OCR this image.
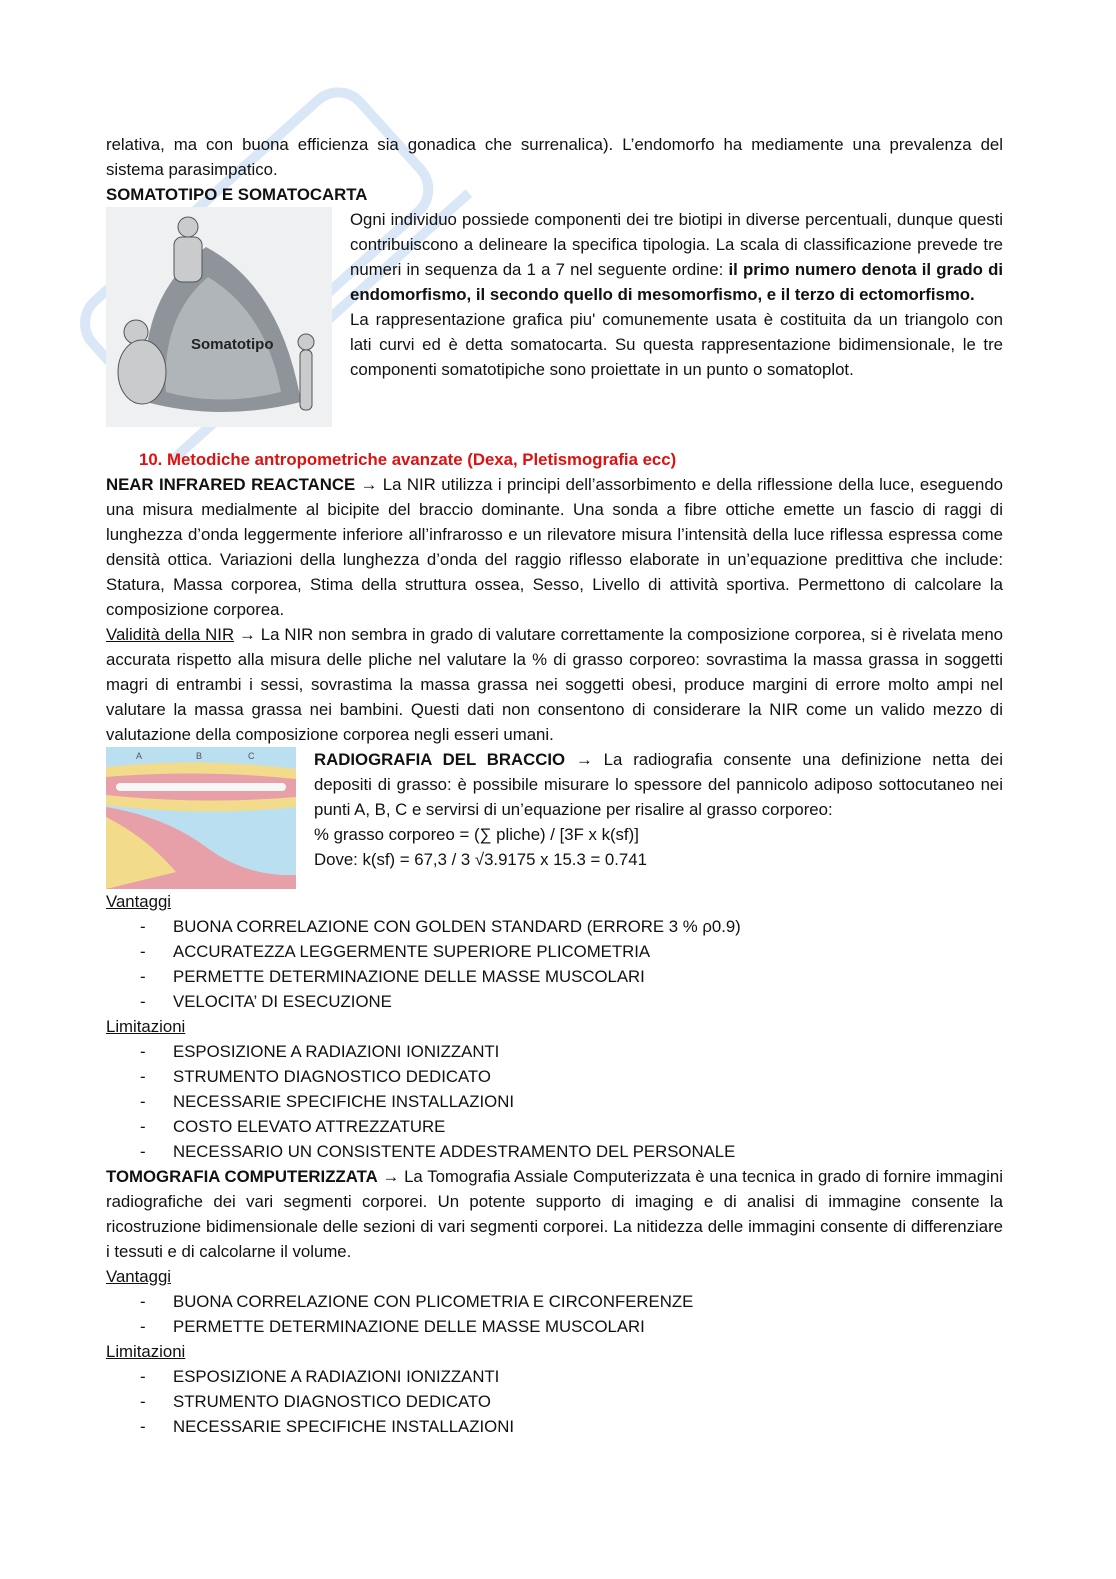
relativa, ma con buona efficienza sia gonadica che surrenalica). L’endomorfo ha mediamente una prevalenza del sistema parasimpatico.

SOMATOTIPO E SOMATOCARTA

Somatotipo

Ogni individuo possiede componenti dei tre biotipi in diverse percentuali, dunque questi contribuiscono a delineare la specifica tipologia. La scala di classificazione prevede tre numeri in sequenza da 1 a 7 nel seguente ordine: il primo numero denota il grado di endomorfismo, il secondo quello di mesomorfismo, e il terzo di ectomorfismo.

La rappresentazione grafica piu' comunemente usata è costituita da un triangolo con lati curvi ed è detta somatocarta. Su questa rappresentazione bidimensionale, le tre componenti somatotipiche sono proiettate in un punto o somatoplot.

10. Metodiche antropometriche avanzate (Dexa, Pletismografia ecc)

NEAR INFRARED REACTANCE → La NIR utilizza i principi dell’assorbimento e della riflessione della luce, eseguendo una misura medialmente al bicipite del braccio dominante. Una sonda a fibre ottiche emette un fascio di raggi di lunghezza d’onda leggermente inferiore all’infrarosso e un rilevatore misura l’intensità della luce riflessa espressa come densità ottica. Variazioni della lunghezza d’onda del raggio riflesso elaborate in un’equazione predittiva che include: Statura, Massa corporea, Stima della struttura ossea, Sesso, Livello di attività sportiva. Permettono di calcolare la composizione corporea.

Validità della NIR → La NIR non sembra in grado di valutare correttamente la composizione corporea, si è rivelata meno accurata rispetto alla misura delle pliche nel valutare la % di grasso corporeo: sovrastima la massa grassa in soggetti magri di entrambi i sessi, sovrastima la massa grassa nei soggetti obesi, produce margini di errore molto ampi nel valutare la massa grassa nei bambini. Questi dati non consentono di considerare la NIR come un valido mezzo di valutazione della composizione corporea negli esseri umani.

A	B	C	RADIOGRAFIA DEL BRACCIO → La radiografia consente una definizione netta dei depositi di grasso: è possibile misurare lo spessore del pannicolo adiposo sottocutaneo nei punti A, B, C e servirsi di un’equazione per risalire al grasso corporeo:

% grasso corporeo = (∑ pliche) / [3F x k(sf)]

Dove: k(sf) = 67,3 / 3 √3.9175 x 15.3 = 0.741

Vantaggi

- BUONA CORRELAZIONE CON GOLDEN STANDARD (ERRORE 3 % ρ0.9)
- ACCURATEZZA LEGGERMENTE SUPERIORE PLICOMETRIA
- PERMETTE DETERMINAZIONE DELLE MASSE MUSCOLARI
- VELOCITA’ DI ESECUZIONE

Limitazioni

- ESPOSIZIONE A RADIAZIONI IONIZZANTI
- STRUMENTO DIAGNOSTICO DEDICATO
- NECESSARIE SPECIFICHE INSTALLAZIONI
- COSTO ELEVATO ATTREZZATURE
- NECESSARIO UN CONSISTENTE ADDESTRAMENTO DEL PERSONALE

TOMOGRAFIA COMPUTERIZZATA → La Tomografia Assiale Computerizzata è una tecnica in grado di fornire immagini radiografiche dei vari segmenti corporei. Un potente supporto di imaging e di analisi di immagine consente la ricostruzione bidimensionale delle sezioni di vari segmenti corporei. La nitidezza delle immagini consente di differenziare i tessuti e di calcolarne il volume.

Vantaggi

- BUONA CORRELAZIONE CON PLICOMETRIA E CIRCONFERENZE
- PERMETTE DETERMINAZIONE DELLE MASSE MUSCOLARI

Limitazioni

- ESPOSIZIONE A RADIAZIONI IONIZZANTI
- STRUMENTO DIAGNOSTICO DEDICATO
- NECESSARIE SPECIFICHE INSTALLAZIONI
